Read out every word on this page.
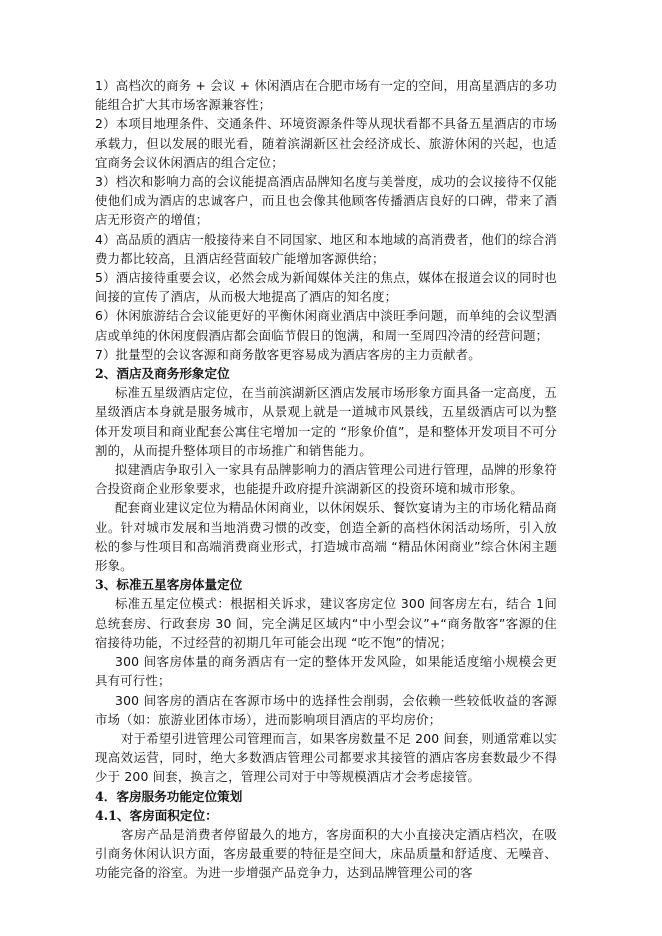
1）高档次的商务 + 会议 + 休闲酒店在合肥市场有一定的空间，用高星酒店的多功能组合扩大其市场客源兼容性；

2）本项目地理条件、交通条件、环境资源条件等从现状看都不具备五星酒店的市场承载力，但以发展的眼光看，随着滨湖新区社会经济成长、旅游休闲的兴起，也适宜商务会议休闲酒店的组合定位；

3）档次和影响力高的会议能提高酒店品牌知名度与美誉度，成功的会议接待不仅能使他们成为酒店的忠诚客户，而且也会像其他顾客传播酒店良好的口碑，带来了酒店无形资产的增值；

4）高品质的酒店一般接待来自不同国家、地区和本地域的高消费者，他们的综合消费力都比较高，且酒店经营面较广能增加客源供给；

5）酒店接待重要会议，必然会成为新闻媒体关注的焦点，媒体在报道会议的同时也间接的宣传了酒店，从而极大地提高了酒店的知名度；

6）休闲旅游结合会议能更好的平衡休闲商业酒店中淡旺季问题，而单纯的会议型酒店或单纯的休闲度假酒店都会面临节假日的饱满，和周一至周四冷清的经营问题；

7）批量型的会议客源和商务散客更容易成为酒店客房的主力贡献者。

2、酒店及商务形象定位

标准五星级酒店定位，在当前滨湖新区酒店发展市场形象方面具备一定高度，五星级酒店本身就是服务城市，从景观上就是一道城市风景线，五星级酒店可以为整体开发项目和商业配套公寓住宅增加一定的 “形象价值”，是和整体开发项目不可分割的，从而提升整体项目的市场推广和销售能力。

拟建酒店争取引入一家具有品牌影响力的酒店管理公司进行管理，品牌的形象符合投资商企业形象要求，也能提升政府提升滨湖新区的投资环境和城市形象。

配套商业建议定位为精品休闲商业，以休闲娱乐、餐饮宴请为主的市场化精品商业。针对城市发展和当地消费习惯的改变，创造全新的高档休闲活动场所，引入放松的参与性项目和高端消费商业形式，打造城市高端 “精品休闲商业”综合休闲主题形象。

3、标准五星客房体量定位

标准五星定位模式：根据相关诉求，建议客房定位 300 间客房左右，结合 1间总统套房、行政套房 30 间，完全满足区域内“中小型会议”+“商务散客”客源的住宿接待功能，不过经营的初期几年可能会出现 “吃不饱”的情况；

300 间客房体量的商务酒店有一定的整体开发风险，如果能适度缩小规模会更具有可行性；

300 间客房的酒店在客源市场中的选择性会削弱，会依赖一些较低收益的客源市场（如：旅游业团体市场），进而影响项目酒店的平均房价；

对于希望引进管理公司管理而言，如果客房数量不足 200 间套，则通常难以实现高效运营，同时，绝大多数酒店管理公司都要求其接管的酒店客房套数最少不得少于 200 间套，换言之，管理公司对于中等规模酒店才会考虑接管。

4．客房服务功能定位策划

4.1、客房面积定位：

客房产品是消费者停留最久的地方，客房面积的大小直接决定酒店档次，在吸引商务休闲认识方面，客房最重要的特征是空间大，床品质量和舒适度、无噪音、功能完备的浴室。为进一步增强产品竞争力，达到品牌管理公司的客
